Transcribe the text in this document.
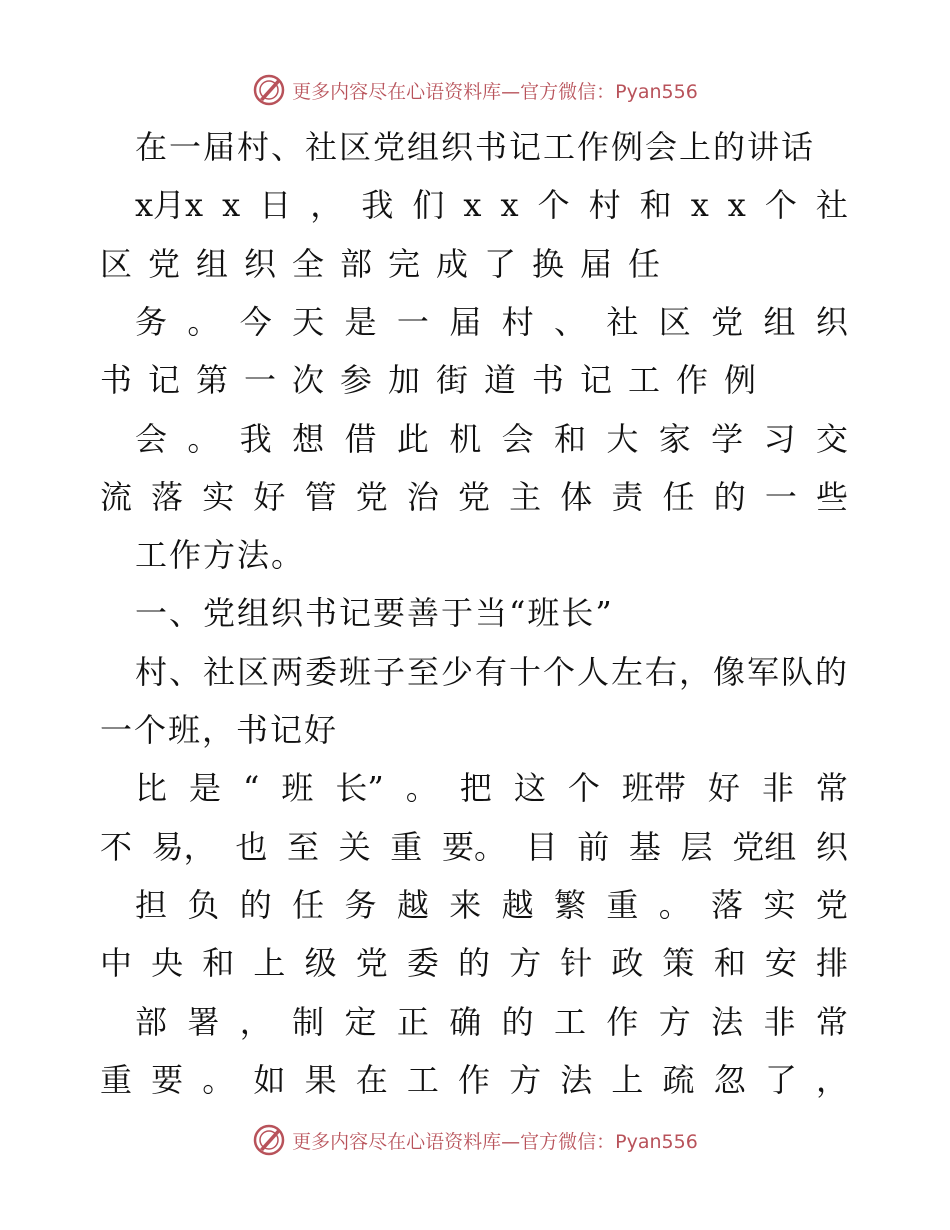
更多内容尽在心语资料库—官方微信：Pyan556
在一届村、社区党组织书记工作例会上的讲话
x月x x 日 ， 我 们 x x 个 村 和 x x 个 社
区 党 组 织 全 部 完 成 了 换 届 任
务 。 今 天 是 一 届 村 、 社 区 党 组 织
书 记 第 一 次 参 加 街 道 书 记 工 作 例
会 。 我 想 借 此 机 会 和 大 家 学 习 交
流 落 实 好 管 党 治 党 主 体 责 任 的 一 些
工作方法。
一、党组织书记要善于当“班长”
村、社区两委班子至少有十个人左右，像军队的
一个班，书记好
比 是 “ 班 长” 。 把 这 个 班带 好 非 常
不 易， 也 至 关 重 要。 目 前 基 层 党组 织
担 负 的 任 务 越 来 越 繁 重 。 落 实 党
中 央 和 上 级 党 委 的 方 针 政 策 和 安 排
部 署 ， 制 定 正 确 的 工 作 方 法 非 常
重 要 。 如 果 在 工 作 方 法 上 疏 忽 了 ，
更多内容尽在心语资料库—官方微信：Pyan556
